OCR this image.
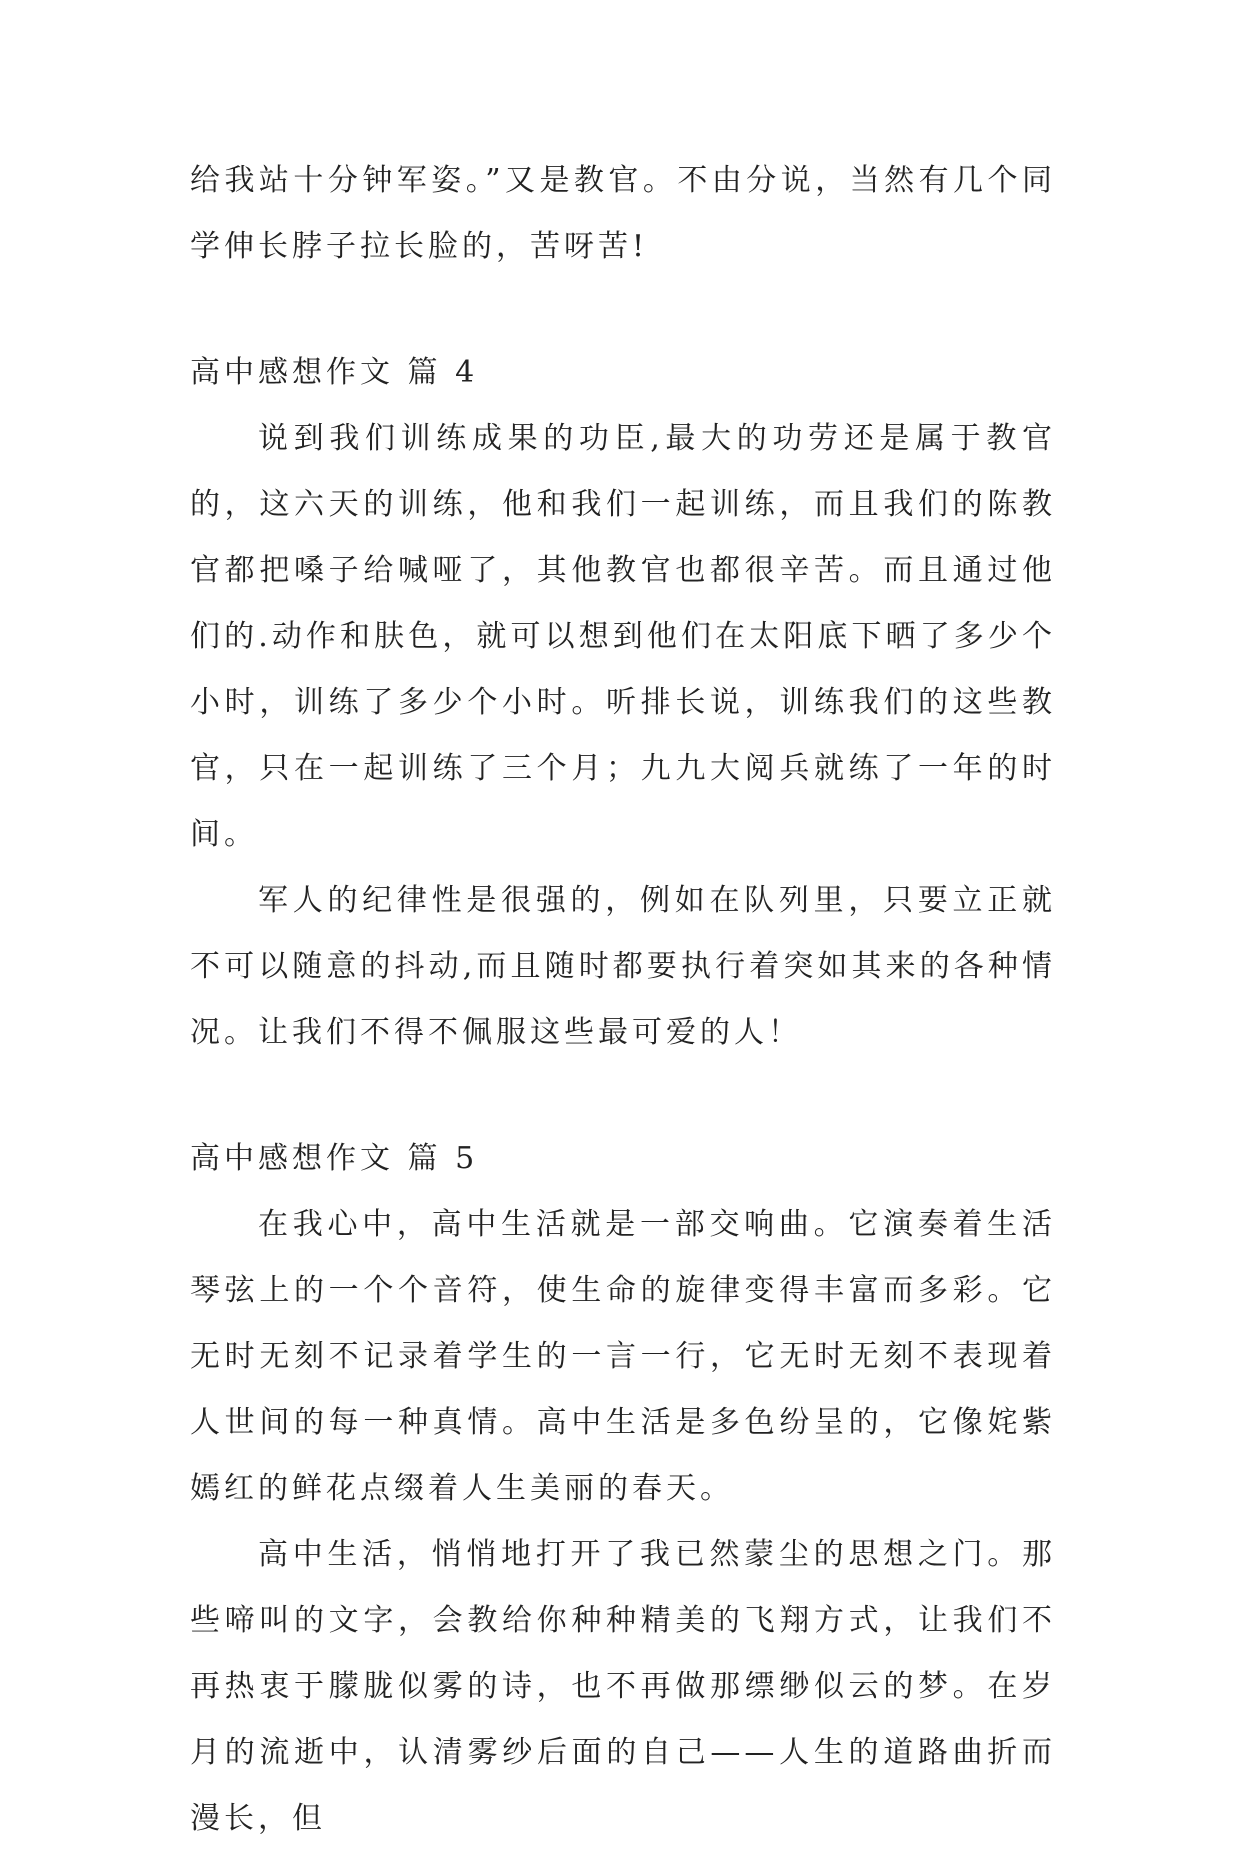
给我站十分钟军姿。”又是教官。不由分说，当然有几个同学伸长脖子拉长脸的，苦呀苦!

高中感想作文 篇 4

说到我们训练成果的功臣,最大的功劳还是属于教官的，这六天的训练，他和我们一起训练，而且我们的陈教官都把嗓子给喊哑了，其他教官也都很辛苦。而且通过他们的.动作和肤色，就可以想到他们在太阳底下晒了多少个小时，训练了多少个小时。听排长说，训练我们的这些教官，只在一起训练了三个月；九九大阅兵就练了一年的时间。

军人的纪律性是很强的，例如在队列里，只要立正就不可以随意的抖动,而且随时都要执行着突如其来的各种情况。让我们不得不佩服这些最可爱的人！

高中感想作文 篇 5

在我心中，高中生活就是一部交响曲。它演奏着生活琴弦上的一个个音符，使生命的旋律变得丰富而多彩。它无时无刻不记录着学生的一言一行，它无时无刻不表现着人世间的每一种真情。高中生活是多色纷呈的，它像姹紫嫣红的鲜花点缀着人生美丽的春天。

高中生活，悄悄地打开了我已然蒙尘的思想之门。那些啼叫的文字，会教给你种种精美的飞翔方式，让我们不再热衷于朦胧似雾的诗，也不再做那缥缈似云的梦。在岁月的流逝中，认清雾纱后面的自己——人生的道路曲折而漫长，但
